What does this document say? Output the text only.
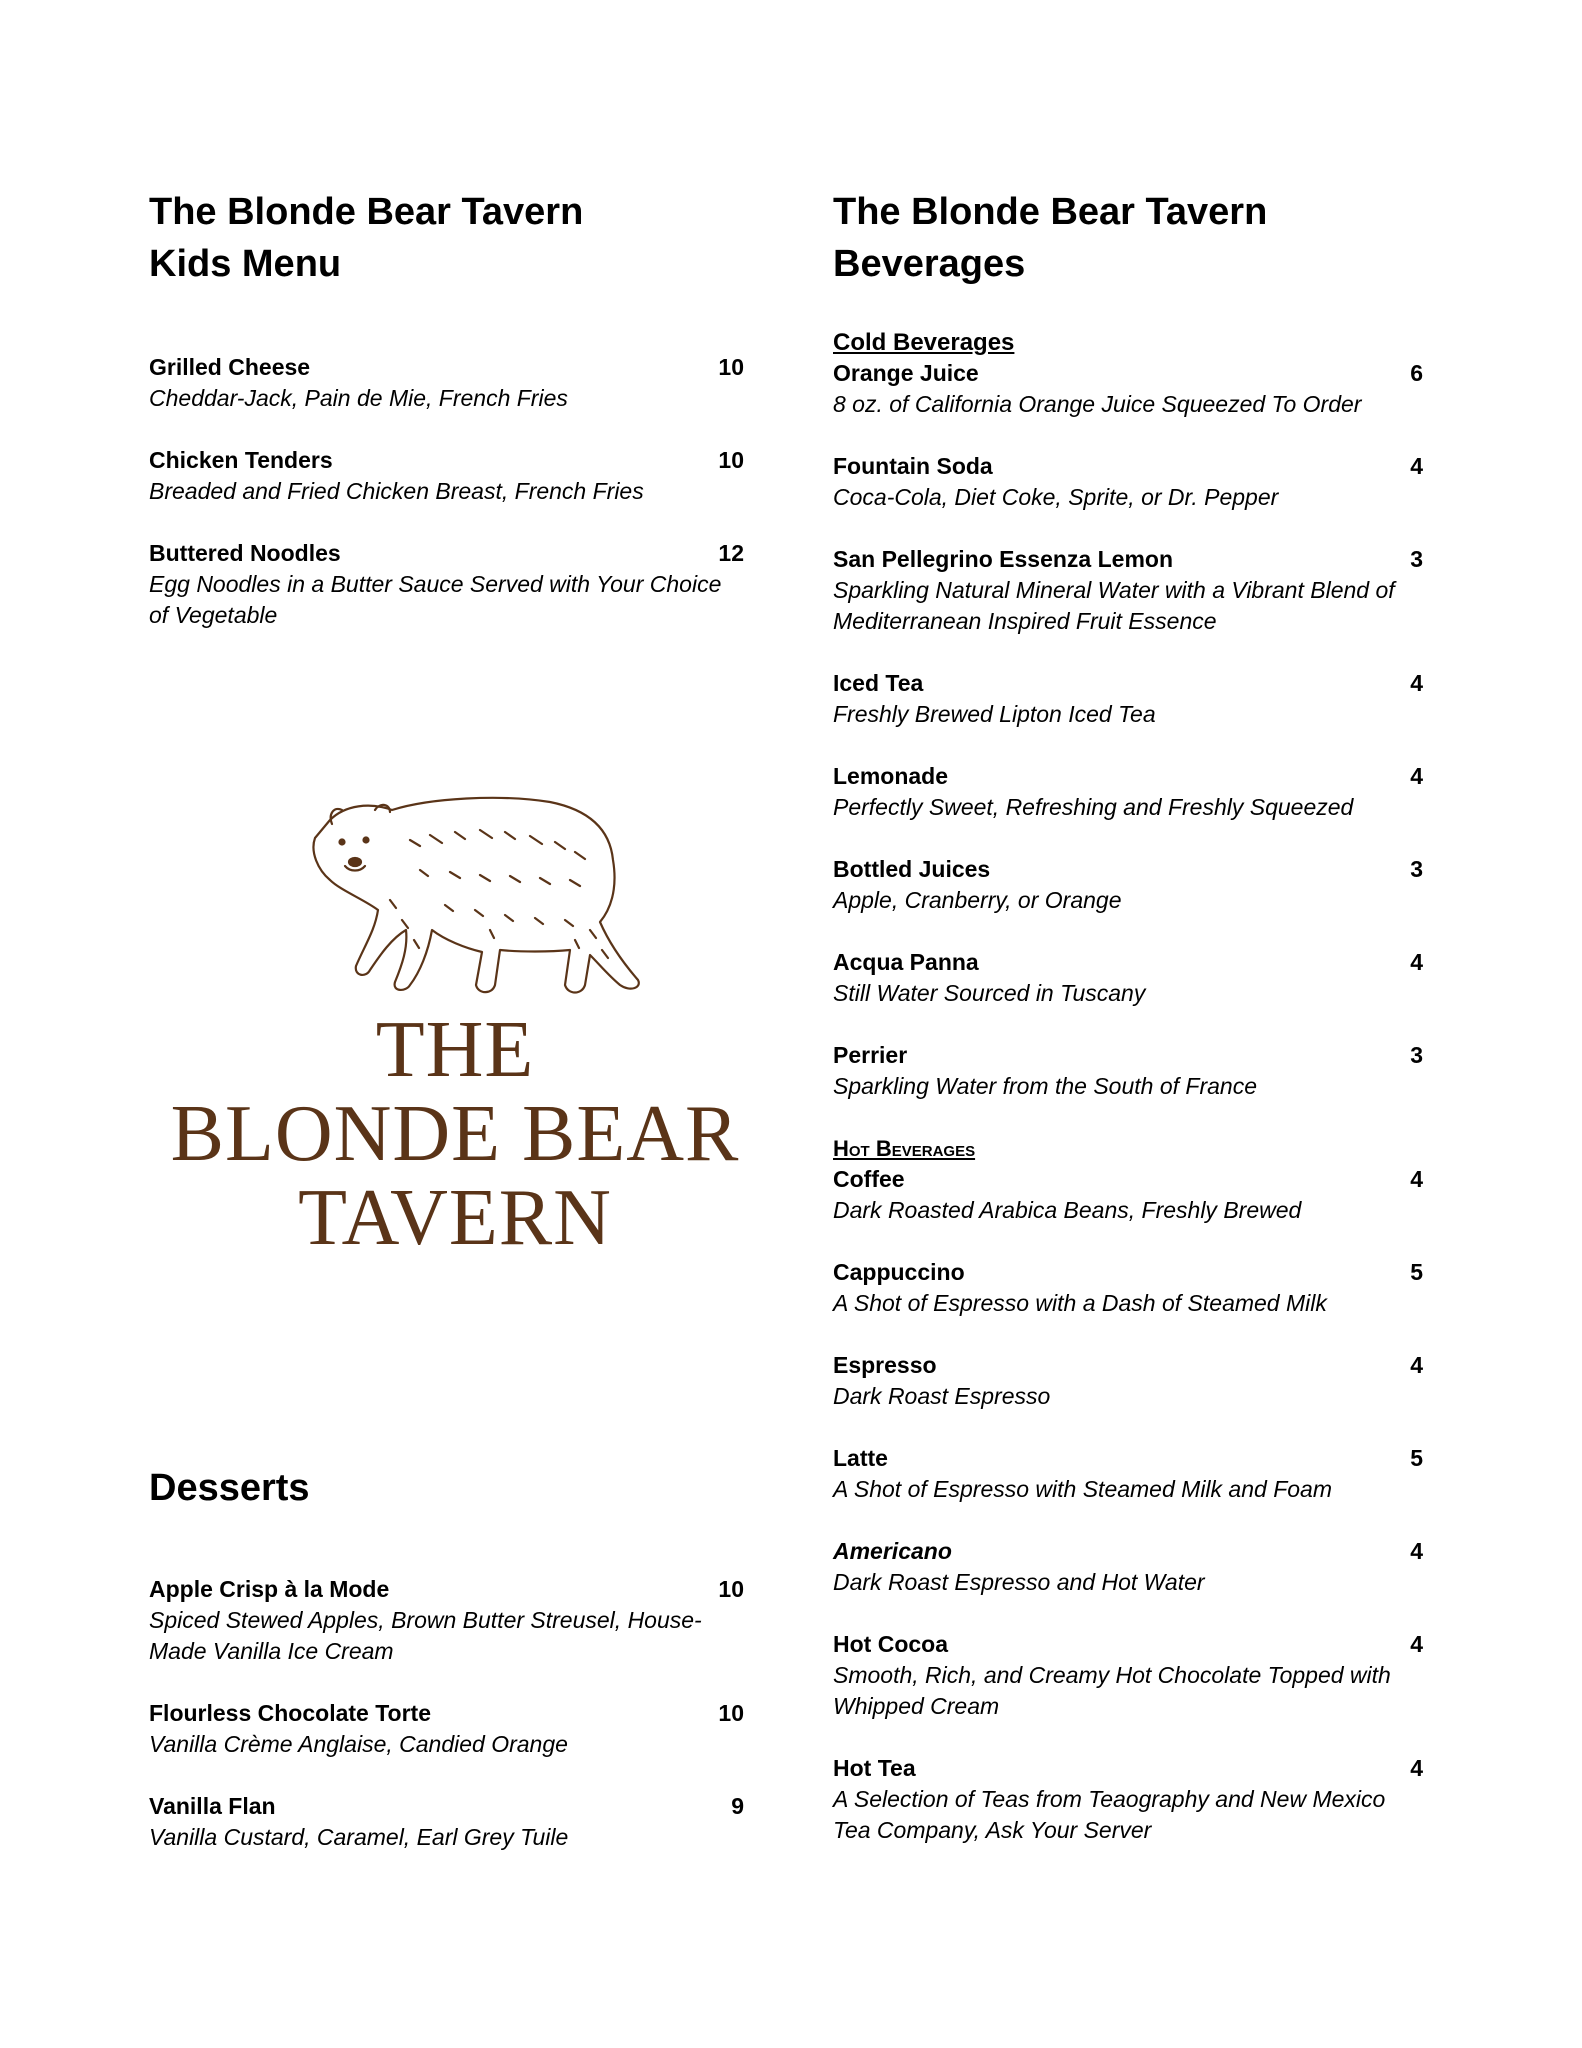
The Blonde Bear Tavern
Kids Menu
Grilled Cheese	10
Cheddar-Jack, Pain de Mie, French Fries
Chicken Tenders	10
Breaded and Fried Chicken Breast, French Fries
Buttered Noodles	12
Egg Noodles in a Butter Sauce Served with Your Choice of Vegetable
THE
BLONDE BEAR
TAVERN
Desserts
Apple Crisp à la Mode	10
Spiced Stewed Apples, Brown Butter Streusel, House-Made Vanilla Ice Cream
Flourless Chocolate Torte	10
Vanilla Crème Anglaise, Candied Orange
Vanilla Flan	9
Vanilla Custard, Caramel, Earl Grey Tuile
The Blonde Bear Tavern
Beverages
Cold Beverages
Orange Juice	6
8 oz. of California Orange Juice Squeezed To Order
Fountain Soda	4
Coca-Cola, Diet Coke, Sprite, or Dr. Pepper
San Pellegrino Essenza Lemon	3
Sparkling Natural Mineral Water with a Vibrant Blend of Mediterranean Inspired Fruit Essence
Iced Tea	4
Freshly Brewed Lipton Iced Tea
Lemonade	4
Perfectly Sweet, Refreshing and Freshly Squeezed
Bottled Juices	3
Apple, Cranberry, or Orange
Acqua Panna	4
Still Water Sourced in Tuscany
Perrier	3
Sparkling Water from the South of France
Hot Beverages
Coffee	4
Dark Roasted Arabica Beans, Freshly Brewed
Cappuccino	5
A Shot of Espresso with a Dash of Steamed Milk
Espresso	4
Dark Roast Espresso
Latte	5
A Shot of Espresso with Steamed Milk and Foam
Americano	4
Dark Roast Espresso and Hot Water
Hot Cocoa	4
Smooth, Rich, and Creamy Hot Chocolate Topped with Whipped Cream
Hot Tea	4
A Selection of Teas from Teaography and New Mexico Tea Company, Ask Your Server
